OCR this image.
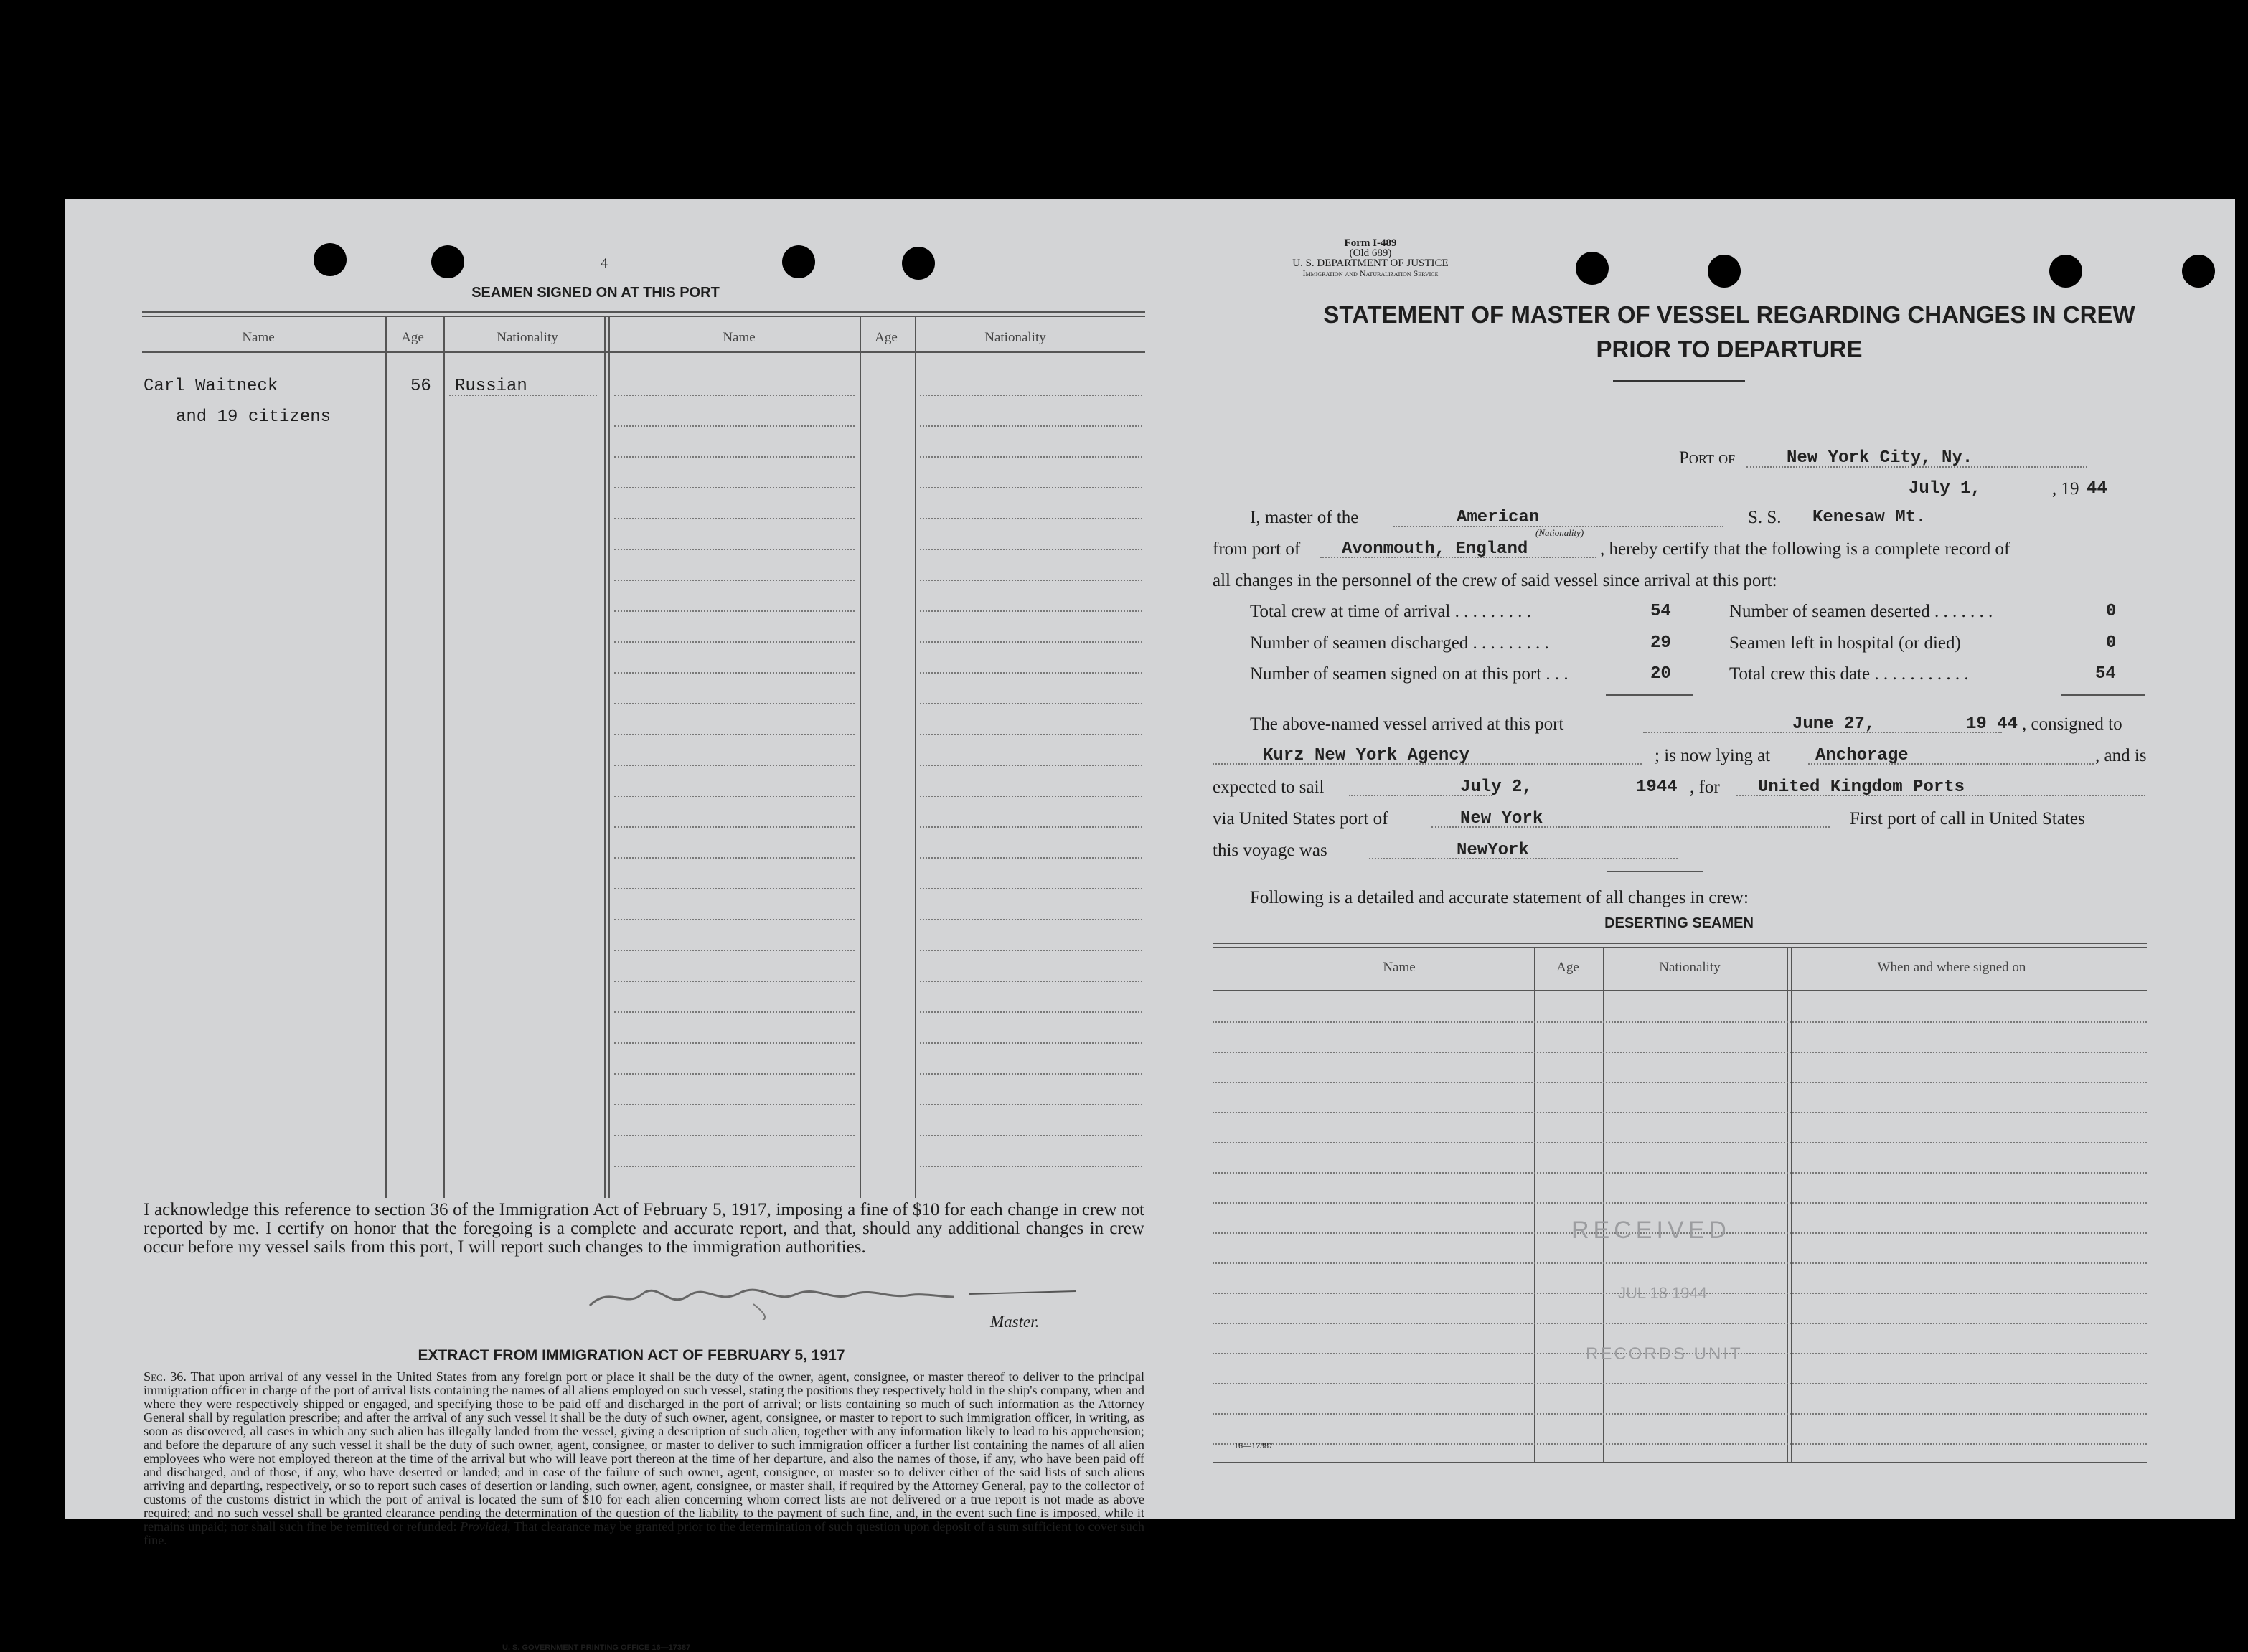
4
SEAMEN SIGNED ON AT THIS PORT
Name	Age	Nationality	Name	Age	Nationality
Carl Waitneck	56 Russian
and 19 citizens
I acknowledge this reference to section 36 of the Immigration Act of February 5, 1917, imposing a fine of $10 for each change in crew not reported by me. I certify on honor that the foregoing is a complete and accurate report, and that, should any additional changes in crew occur before my vessel sails from this port, I will report such changes to the immigration authorities.
Master.
EXTRACT FROM IMMIGRATION ACT OF FEBRUARY 5, 1917
Sec. 36. That upon arrival of any vessel in the United States from any foreign port or place it shall be the duty of the owner, agent, consignee, or master thereof to deliver to the principal immigration officer in charge of the port of arrival lists containing the names of all aliens employed on such vessel, stating the positions they respectively hold in the ship's company, when and where they were respectively shipped or engaged, and specifying those to be paid off and discharged in the port of arrival; or lists containing so much of such information as the Attorney General shall by regulation prescribe; and after the arrival of any such vessel it shall be the duty of such owner, agent, consignee, or master to report to such immigration officer, in writing, as soon as discovered, all cases in which any such alien has illegally landed from the vessel, giving a description of such alien, together with any information likely to lead to his apprehension; and before the departure of any such vessel it shall be the duty of such owner, agent, consignee, or master to deliver to such immigration officer a further list containing the names of all alien employees who were not employed thereon at the time of the arrival but who will leave port thereon at the time of her departure, and also the names of those, if any, who have been paid off and discharged, and of those, if any, who have deserted or landed; and in case of the failure of such owner, agent, consignee, or master so to deliver either of the said lists of such aliens arriving and departing, respectively, or so to report such cases of desertion or landing, such owner, agent, consignee, or master shall, if required by the Attorney General, pay to the collector of customs of the customs district in which the port of arrival is located the sum of $10 for each alien concerning whom correct lists are not delivered or a true report is not made as above required; and no such vessel shall be granted clearance pending the determination of the question of the liability to the payment of such fine, and, in the event such fine is imposed, while it remains unpaid; nor shall such fine be remitted or refunded: Provided, That clearance may be granted prior to the determination of such question upon deposit of a sum sufficient to cover such fine.
U. S. GOVERNMENT PRINTING OFFICE 16—17387
Form I-489
(Old 689)
U. S. DEPARTMENT OF JUSTICE
Immigration and Naturalization Service
STATEMENT OF MASTER OF VESSEL REGARDING CHANGES IN CREW
PRIOR TO DEPARTURE
Port of	New York City, Ny.
July 1,	, 19 44
I, master of the	American
(Nationality)
S. S. Kenesaw Mt.
from port of Avonmouth, England	, hereby certify that the following is a complete record of
all changes in the personnel of the crew of said vessel since arrival at this port:
Total crew at time of arrival . . . . . . . . .	54	Number of seamen deserted . . . . . . .	0
Number of seamen discharged . . . . . . . . .	29	Seamen left in hospital (or died)	0
Number of seamen signed on at this port . . .	20	Total crew this date . . . . . . . . . . .	54
The above-named vessel arrived at this port	June 27,	19 44 , consigned to
Kurz New York Agency	; is now lying at	Anchorage	, and is
expected to sail	July 2,	1944 , for United Kingdom Ports
via United States port of	New York	First port of call in United States
this voyage was	NewYork
Following is a detailed and accurate statement of all changes in crew:
DESERTING SEAMEN
Name	Age	Nationality	When and where signed on
RECEIVED
JUL 18 1944
RECORDS UNIT
16—17387
